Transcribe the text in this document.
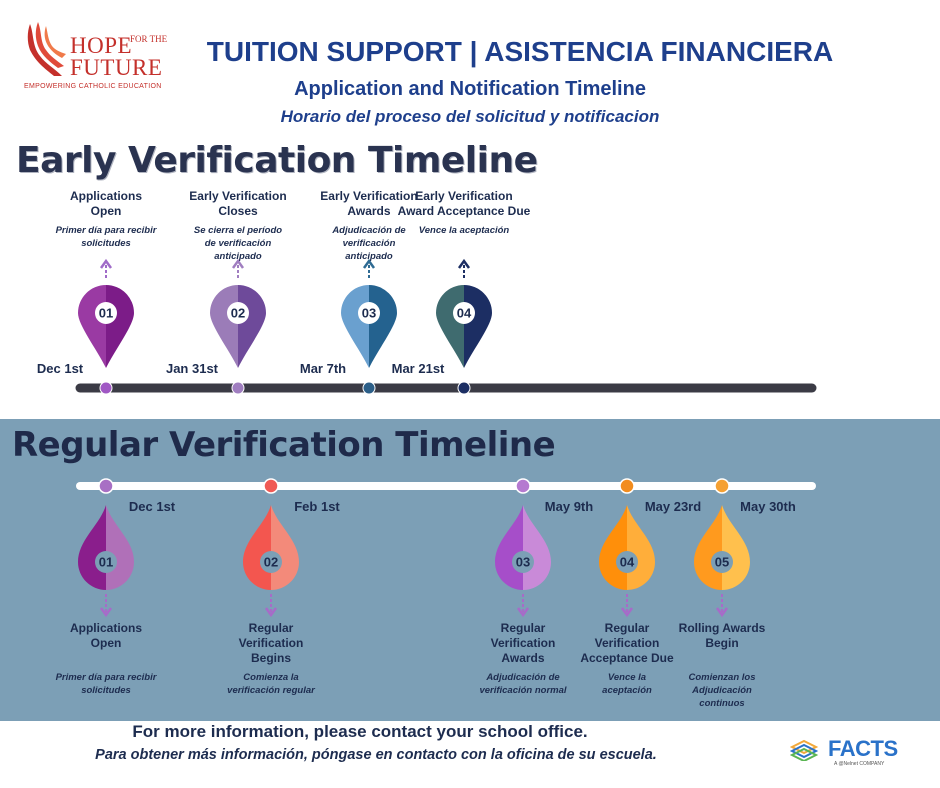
HOPE
FOR THE
FUTURE
EMPOWERING CATHOLIC EDUCATION
TUITION SUPPORT | ASISTENCIA FINANCIERA
Application and Notification Timeline
Horario del proceso del solicitud y notificacion
Early Verification Timeline
Applications
Open
Primer día para recibir
solicitudes
01
Dec 1st
Early Verification
Closes
Se cierra el período
de verificación
anticipado
02
Jan 31st
Early Verification
Awards
Adjudicación de
verificación
anticipado
03
Mar 7th
Early Verification
Award Acceptance Due
Vence la aceptación
04
Mar 21st
Regular Verification Timeline
Dec 1st
01
Applications
Open
Primer día para recibir
solicitudes
Feb 1st
02
Regular
Verification
Begins
Comienza la
verificación regular
May 9th
03
Regular
Verification
Awards
Adjudicación de
verificación normal
May 23rd
04
Regular
Verification
Acceptance Due
Vence la
aceptación
May 30th
05
Rolling Awards
Begin
Comienzan los
Adjudicación
continuos
For more information, please contact your school office.
Para obtener más información, póngase en contacto con la oficina de su escuela.	FACTS
A @Nelnet COMPANY
